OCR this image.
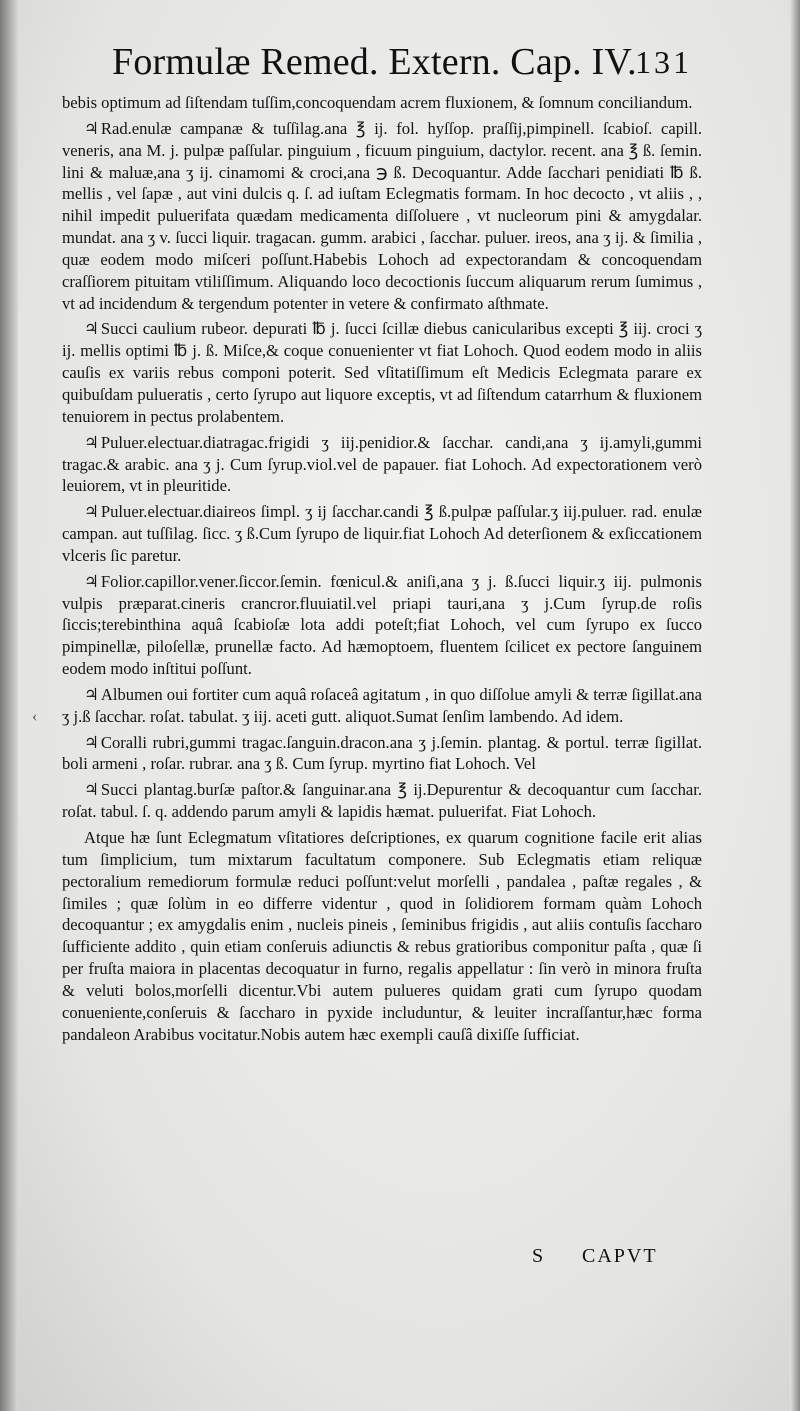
Formulæ Remed. Extern. Cap. IV.
131

bebis optimum ad ſiſtendam tuſſim,concoquendam acrem fluxionem, & ſomnum conciliandum.

♃ Rad.enulæ campanæ & tuſſilag.ana ℥ ij. fol. hyſſop. praſſij,pimpinell. ſcabioſ. capill. veneris, ana M. j. pulpæ paſſular. pinguium , ficuum pinguium, dactylor. recent. ana ℥ ß. ſemin. lini & maluæ,ana ʒ ij. cinamomi & croci,ana ℈ ß. Decoquantur. Adde ſacchari penidiati ℔ ß. mellis , vel ſapæ , aut vini dulcis q. ſ. ad iuſtam Eclegmatis formam. In hoc decocto , vt aliis , , nihil impedit puluerifata quædam medicamenta diſſoluere , vt nucleorum pini & amygdalar. mundat. ana ʒ v. ſucci liquir. tragacan. gumm. arabici , ſacchar. puluer. ireos, ana ʒ ij. & ſimilia , quæ eodem modo miſceri poſſunt.Habebis Lohoch ad expectorandam & concoquendam craſſiorem pituitam vtiliſſimum. Aliquando loco decoctionis ſuccum aliquarum rerum ſumimus , vt ad incidendum & tergendum potenter in vetere & confirmato aſthmate.

♃ Succi caulium rubeor. depurati ℔ j. ſucci ſcillæ diebus canicularibus excepti ℥ iij. croci ʒ ij. mellis optimi ℔ j. ß. Miſce,& coque conuenienter vt fiat Lohoch. Quod eodem modo in aliis cauſis ex variis rebus componi poterit. Sed vſitatiſſimum eſt Medicis Eclegmata parare ex quibuſdam pulueratis , certo ſyrupo aut liquore exceptis, vt ad ſiſtendum catarrhum & fluxionem tenuiorem in pectus prolabentem.

♃ Puluer.electuar.diatragac.frigidi ʒ iij.penidior.& ſacchar. candi,ana ʒ ij.amyli,gummi tragac.& arabic. ana ʒ j. Cum ſyrup.viol.vel de papauer. fiat Lohoch. Ad expectorationem verò leuiorem, vt in pleuritide.

♃ Puluer.electuar.diaireos ſimpl. ʒ ij ſacchar.candi ℥ ß.pulpæ paſſular.ʒ iij.puluer. rad. enulæ campan. aut tuſſilag. ſicc. ʒ ß.Cum ſyrupo de liquir.fiat Lohoch Ad deterſionem & exſiccationem vlceris ſic paretur.

♃ Folior.capillor.vener.ſiccor.ſemin. fœnicul.& aniſi,ana ʒ j. ß.ſucci liquir.ʒ iij. pulmonis vulpis præparat.cineris crancror.fluuiatil.vel priapi tauri,ana ʒ j.Cum ſyrup.de roſis ſiccis;terebinthina aquâ ſcabioſæ lota addi poteſt;fiat Lohoch, vel cum ſyrupo ex ſucco pimpinellæ, piloſellæ, prunellæ facto. Ad hæmoptoem, fluentem ſcilicet ex pectore ſanguinem eodem modo inſtitui poſſunt.

♃ Albumen oui fortiter cum aquâ roſaceâ agitatum , in quo diſſolue amyli & terræ ſigillat.ana ʒ j.ß ſacchar. roſat. tabulat. ʒ iij. aceti gutt. aliquot.Sumat ſenſim lambendo. Ad idem.

♃ Coralli rubri,gummi tragac.ſanguin.dracon.ana ʒ j.ſemin. plantag. & portul. terræ ſigillat. boli armeni , roſar. rubrar. ana ʒ ß. Cum ſyrup. myrtino fiat Lohoch. Vel

♃ Succi plantag.burſæ paſtor.& ſanguinar.ana ℥ ij.Depurentur & decoquantur cum ſacchar. roſat. tabul. ſ. q. addendo parum amyli & lapidis hæmat. puluerifat. Fiat Lohoch.

Atque hæ ſunt Eclegmatum vſitatiores deſcriptiones, ex quarum cognitione facile erit alias tum ſimplicium, tum mixtarum facultatum componere. Sub Eclegmatis etiam reliquæ pectoralium remediorum formulæ reduci poſſunt:velut morſelli , pandalea , paſtæ regales , & ſimiles ; quæ ſolùm in eo differre videntur , quod in ſolidiorem formam quàm Lohoch decoquantur ; ex amygdalis enim , nucleis pineis , ſeminibus frigidis , aut aliis contuſis ſaccharo ſufficiente addito , quin etiam conſeruis adiunctis & rebus gratioribus componitur paſta , quæ ſi per fruſta maiora in placentas decoquatur in furno, regalis appellatur : ſin verò in minora fruſta & veluti bolos,morſelli dicentur.Vbi autem pulueres quidam grati cum ſyrupo quodam conueniente,conſeruis & ſaccharo in pyxide includuntur, & leuiter incraſſantur,hæc forma pandaleon Arabibus vocitatur.Nobis autem hæc exempli cauſâ dixiſſe ſufficiat.

‹
S CAPVT
